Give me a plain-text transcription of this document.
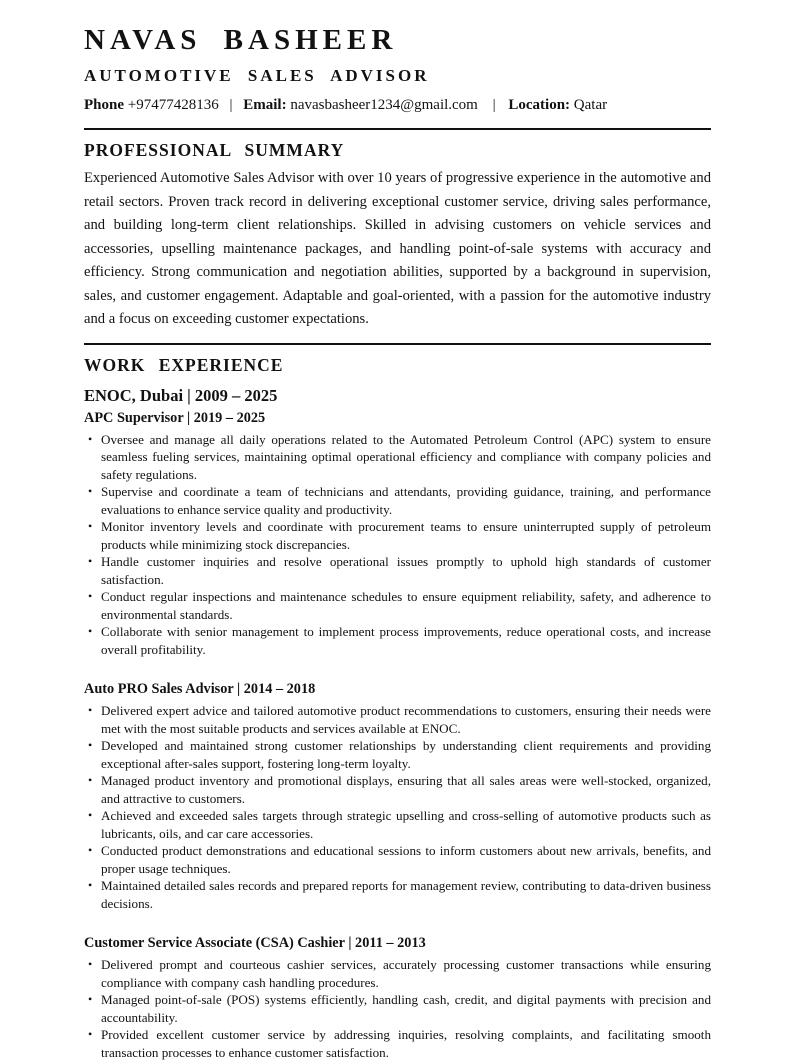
NAVAS BASHEER
AUTOMOTIVE SALES ADVISOR
Phone +97477428136 | Email: navasbasheer1234@gmail.com | Location: Qatar
PROFESSIONAL SUMMARY

Experienced Automotive Sales Advisor with over 10 years of progressive experience in the automotive and retail sectors. Proven track record in delivering exceptional customer service, driving sales performance, and building long-term client relationships. Skilled in advising customers on vehicle services and accessories, upselling maintenance packages, and handling point-of-sale systems with accuracy and efficiency. Strong communication and negotiation abilities, supported by a background in supervision, sales, and customer engagement. Adaptable and goal-oriented, with a passion for the automotive industry and a focus on exceeding customer expectations.

WORK EXPERIENCE
ENOC, Dubai | 2009 – 2025
APC Supervisor | 2019 – 2025
• Oversee and manage all daily operations related to the Automated Petroleum Control (APC) system to ensure seamless fueling services, maintaining optimal operational efficiency and compliance with company policies and safety regulations.
• Supervise and coordinate a team of technicians and attendants, providing guidance, training, and performance evaluations to enhance service quality and productivity.
• Monitor inventory levels and coordinate with procurement teams to ensure uninterrupted supply of petroleum products while minimizing stock discrepancies.
• Handle customer inquiries and resolve operational issues promptly to uphold high standards of customer satisfaction.
• Conduct regular inspections and maintenance schedules to ensure equipment reliability, safety, and adherence to environmental standards.
• Collaborate with senior management to implement process improvements, reduce operational costs, and increase overall profitability.
Auto PRO Sales Advisor | 2014 – 2018
• Delivered expert advice and tailored automotive product recommendations to customers, ensuring their needs were met with the most suitable products and services available at ENOC.
• Developed and maintained strong customer relationships by understanding client requirements and providing exceptional after-sales support, fostering long-term loyalty.
• Managed product inventory and promotional displays, ensuring that all sales areas were well-stocked, organized, and attractive to customers.
• Achieved and exceeded sales targets through strategic upselling and cross-selling of automotive products such as lubricants, oils, and car care accessories.
• Conducted product demonstrations and educational sessions to inform customers about new arrivals, benefits, and proper usage techniques.
• Maintained detailed sales records and prepared reports for management review, contributing to data-driven business decisions.
Customer Service Associate (CSA) Cashier | 2011 – 2013
• Delivered prompt and courteous cashier services, accurately processing customer transactions while ensuring compliance with company cash handling procedures.
• Managed point-of-sale (POS) systems efficiently, handling cash, credit, and digital payments with precision and accountability.
• Provided excellent customer service by addressing inquiries, resolving complaints, and facilitating smooth transaction processes to enhance customer satisfaction.
